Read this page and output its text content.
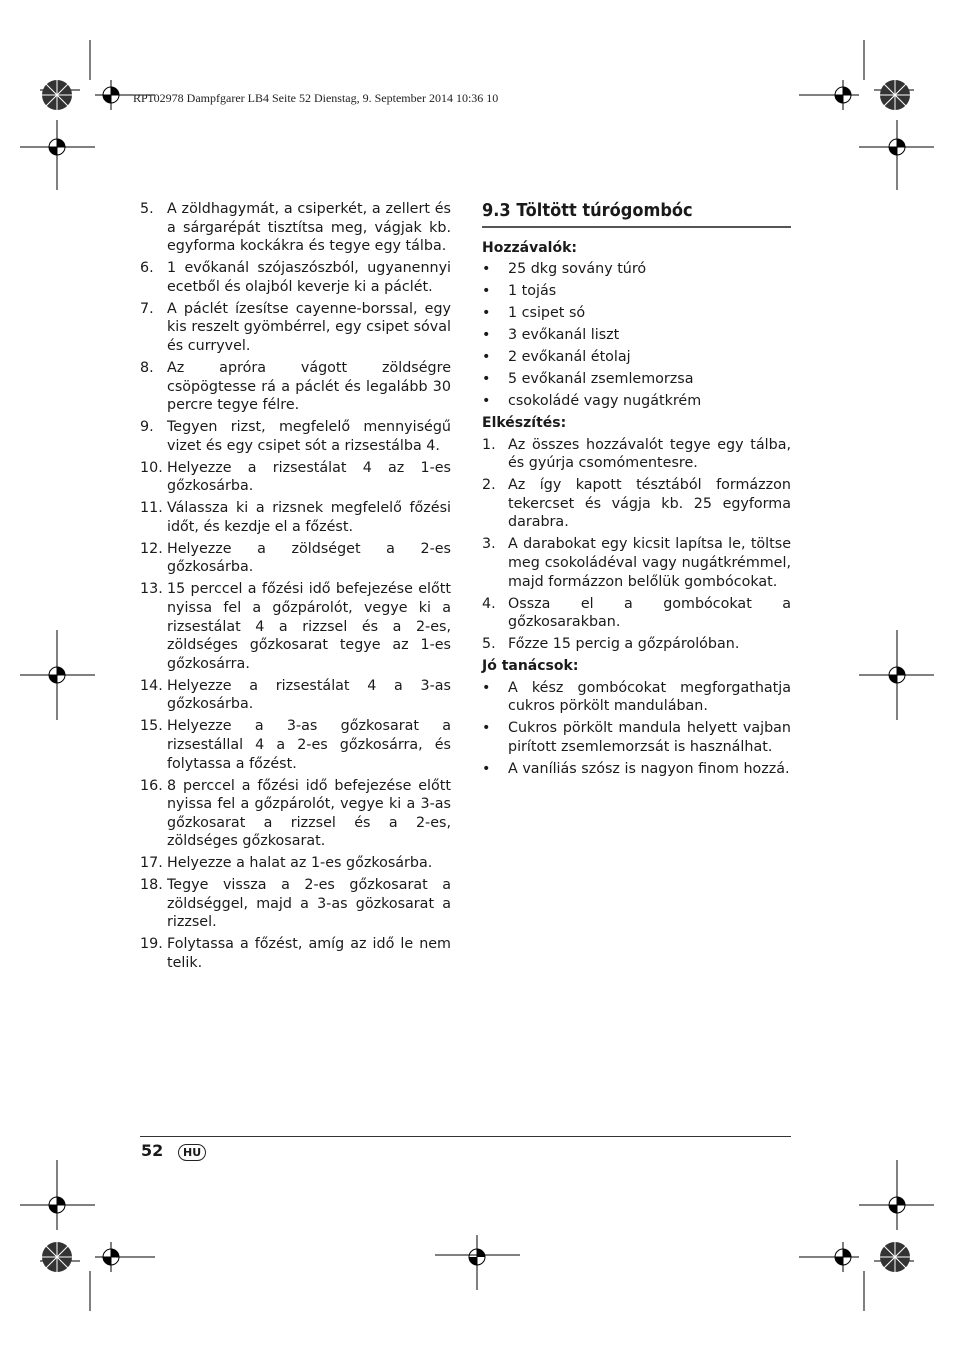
RP102978 Dampfgarer LB4 Seite 52 Dienstag, 9. September 2014 10:36 10
5. A zöldhagymát, a csiperkét, a zellert és a sárgarépát tisztítsa meg, vágjak kb. egyforma kockákra és tegye egy tálba.
6. 1 evőkanál szójaszószból, ugyanennyi ecetből és olajból keverje ki a páclét.
7. A páclét ízesítse cayenne-borssal, egy kis reszelt gyömbérrel, egy csipet sóval és curryvel.
8. Az apróra vágott zöldségre csöpögtesse rá a páclét és legalább 30 percre tegye félre.
9. Tegyen rizst, megfelelő mennyiségű vizet és egy csipet sót a rizsestálba 4.
10. Helyezze a rizsestálat 4 az 1-es gőzkosárba.
11. Válassza ki a rizsnek megfelelő főzési időt, és kezdje el a főzést.
12. Helyezze a zöldséget a 2-es gőzkosárba.
13. 15 perccel a főzési idő befejezése előtt nyissa fel a gőzpárolót, vegye ki a rizsestálat 4 a rizzsel és a 2-es, zöldséges gőzkosarat tegye az 1-es gőzkosárra.
14. Helyezze a rizsestálat 4 a 3-as gőzkosárba.
15. Helyezze a 3-as gőzkosarat a rizsestállal 4 a 2-es gőzkosárra, és folytassa a főzést.
16. 8 perccel a főzési idő befejezése előtt nyissa fel a gőzpárolót, vegye ki a 3-as gőzkosarat a rizzsel és a 2-es, zöldséges gőzkosarat.
17. Helyezze a halat az 1-es gőzkosárba.
18. Tegye vissza a 2-es gőzkosarat a zöldséggel, majd a 3-as gözkosarat a rizzsel.
19. Folytassa a főzést, amíg az idő le nem telik.
9.3 Töltött túrógombóc
Hozzávalók:
•	25 dkg sovány túró
•	1 tojás
•	1 csipet só
•	3 evőkanál liszt
•	2 evőkanál étolaj
•	5 evőkanál zsemlemorzsa
•	csokoládé vagy nugátkrém
Elkészítés:
1. Az összes hozzávalót tegye egy tálba, és gyúrja csomómentesre.
2. Az így kapott tésztából formázzon tekercset és vágja kb. 25 egyforma darabra.
3. A darabokat egy kicsit lapítsa le, töltse meg csokoládéval vagy nugátkrémmel, majd formázzon belőlük gombócokat.
4. Ossza el a gombócokat a gőzkosarakban.
5. Főzze 15 percig a gőzpárolóban.
Jó tanácsok:
•	A kész gombócokat megforgathatja cukros pörkölt mandulában.
•	Cukros pörkölt mandula helyett vajban pirított zsemlemorzsát is használhat.
•	A vaníliás szósz is nagyon finom hozzá.
52	HU
